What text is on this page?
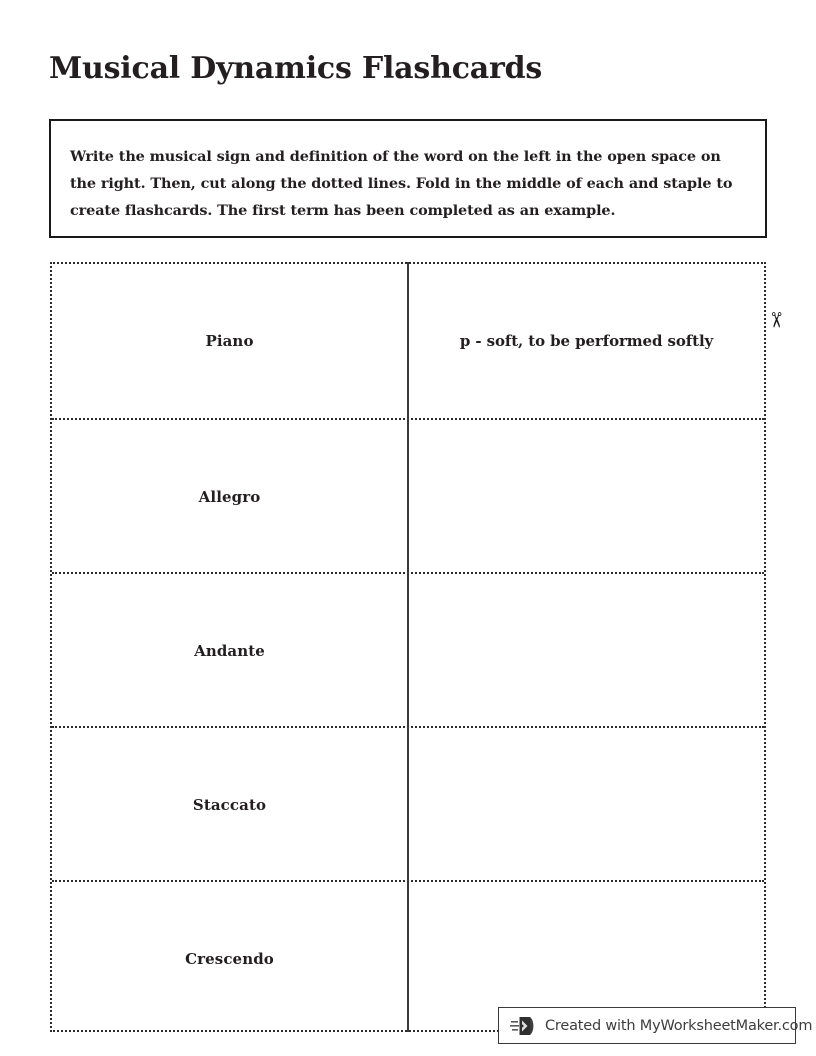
Musical Dynamics Flashcards
Write the musical sign and definition of the word on the left in the open space on the right. Then, cut along the dotted lines. Fold in the middle of each and staple to create flashcards. The first term has been completed as an example.
Piano	p - soft, to be performed softly
Allegro
Andante
Staccato
Crescendo
✂
Created with MyWorksheetMaker.com
